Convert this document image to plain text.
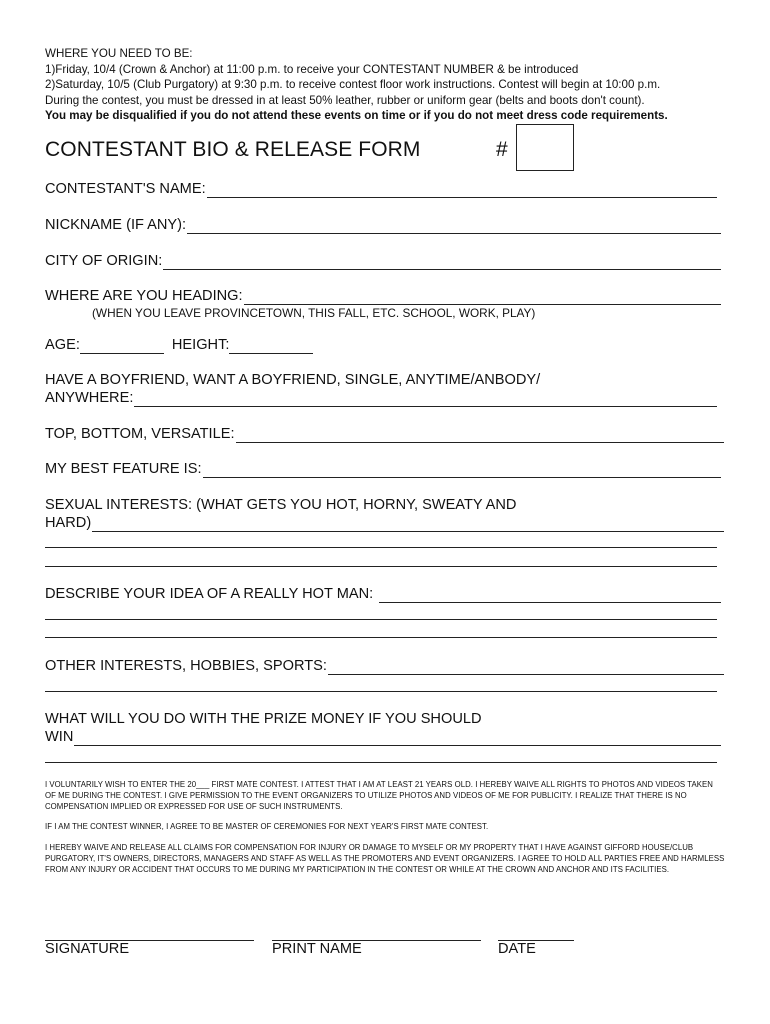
WHERE YOU NEED TO BE:
1)Friday, 10/4 (Crown & Anchor) at 11:00 p.m. to receive your CONTESTANT NUMBER & be introduced
2)Saturday, 10/5 (Club Purgatory) at 9:30 p.m. to receive contest floor work instructions. Contest will begin at 10:00 p.m.
During the contest, you must be dressed in at least 50% leather, rubber or uniform gear (belts and boots don't count).
You may be disqualified if you do not attend these events on time or if you do not meet dress code requirements.
CONTESTANT BIO & RELEASE FORM	#
CONTESTANT'S NAME:
NICKNAME (IF ANY):
CITY OF ORIGIN:
WHERE ARE YOU HEADING:
(WHEN YOU LEAVE PROVINCETOWN, THIS FALL, ETC. SCHOOL, WORK, PLAY)
AGE:	HEIGHT:
HAVE A BOYFRIEND, WANT A BOYFRIEND, SINGLE, ANYTIME/ANBODY/
ANYWHERE:
TOP, BOTTOM, VERSATILE:
MY BEST FEATURE IS:
SEXUAL INTERESTS: (WHAT GETS YOU HOT, HORNY, SWEATY AND
HARD)
DESCRIBE YOUR IDEA OF A REALLY HOT MAN:
OTHER INTERESTS, HOBBIES, SPORTS:
WHAT WILL YOU DO WITH THE PRIZE MONEY IF YOU SHOULD
WIN
I VOLUNTARILY WISH TO ENTER THE 20___ FIRST MATE CONTEST. I ATTEST THAT I AM AT LEAST 21 YEARS OLD. I HEREBY WAIVE ALL RIGHTS TO PHOTOS AND VIDEOS TAKEN OF ME DURING THE CONTEST. I GIVE PERMISSION TO THE EVENT ORGANIZERS TO UTILIZE PHOTOS AND VIDEOS OF ME FOR PUBLICITY. I REALIZE THAT THERE IS NO COMPENSATION IMPLIED OR EXPRESSED FOR USE OF SUCH INSTRUMENTS.
IF I AM THE CONTEST WINNER, I AGREE TO BE MASTER OF CEREMONIES FOR NEXT YEAR'S FIRST MATE CONTEST.
I HEREBY WAIVE AND RELEASE ALL CLAIMS FOR COMPENSATION FOR INJURY OR DAMAGE TO MYSELF OR MY PROPERTY THAT I HAVE AGAINST GIFFORD HOUSE/CLUB PURGATORY, IT'S OWNERS, DIRECTORS, MANAGERS AND STAFF AS WELL AS THE PROMOTERS AND EVENT ORGANIZERS. I AGREE TO HOLD ALL PARTIES FREE AND HARMLESS FROM ANY INJURY OR ACCIDENT THAT OCCURS TO ME DURING MY PARTICIPATION IN THE CONTEST OR WHILE AT THE CROWN AND ANCHOR AND ITS FACILITIES.
SIGNATURE	PRINT NAME	DATE
